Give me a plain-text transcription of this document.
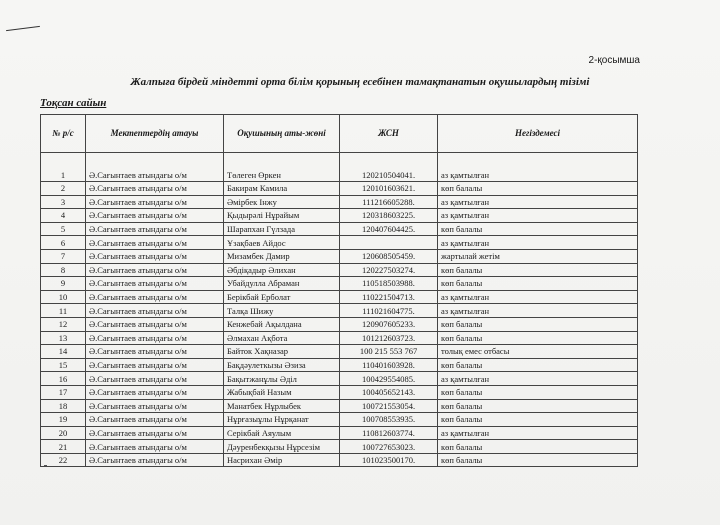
2-қосымша
Жалпыға бірдей міндетті орта білім қорының есебінен тамақтанатын оқушылардың тізімі
Тоқсан сайын
№ р/с	Мектептердің атауы	Оқушының аты-жөні	ЖСН	Негіздемесі
1	Ә.Сағынтаев атындағы о/м	Төлеген Өркен	120210504041.	аз қамтылған
2	Ә.Сағынтаев атындағы о/м	Бакирам Камила	120101603621.	көп балалы
3	Ә.Сағынтаев атындағы о/м	Әмірбек Інжу	111216605288.	аз қамтылған
4	Ә.Сағынтаев атындағы о/м	Қыдырәлі Нұрайым	120318603225.	аз қамтылған
5	Ә.Сағынтаев атындағы о/м	Шарапхан Гүлзада	120407604425.	көп балалы
6	Ә.Сағынтаев атындағы о/м	Ұзақбаев Айдос		аз қамтылған
7	Ә.Сағынтаев атындағы о/м	Мизамбек Дамир	120608505459.	жартылай жетім
8	Ә.Сағынтаев атындағы о/м	Әбдіқадыр Әлихан	120227503274.	көп балалы
9	Ә.Сағынтаев атындағы о/м	Убайдулла Абраман	110518503988.	көп балалы
10	Ә.Сағынтаев атындағы о/м	Берікбай Ерболат	110221504713.	аз қамтылған
11	Ә.Сағынтаев атындағы о/м	Талқа Шижу	111021604775.	аз қамтылған
12	Ә.Сағынтаев атындағы о/м	Кенжебай Ақылдана	120907605233.	көп балалы
13	Ә.Сағынтаев атындағы о/м	Әлмахан Ақбота	101212603723.	көп балалы
14	Ә.Сағынтаев атындағы о/м	Байток Хақназар	100 215 553 767	толық емес отбасы
15	Ә.Сағынтаев атындағы о/м	Бақдәулеткызы Әзиза	110401603928.	көп балалы
16	Ә.Сағынтаев атындағы о/м	Бақытжанұлы Әділ	100429554085.	аз қамтылған
17	Ә.Сағынтаев атындағы о/м	Жабықбай Назым	100405652143.	көп балалы
18	Ә.Сағынтаев атындағы о/м	Манатбек Нұрлыбек	100721553054.	көп балалы
19	Ә.Сағынтаев атындағы о/м	Нұрғазыұлы Нұрқанат	100708553935.	көп балалы
20	Ә.Сағынтаев атындағы о/м	Серікбай Аяулым	110812603774.	аз қамтылған
21	Ә.Сағынтаев атындағы о/м	Дәуренбекқызы Нұрсезім	100727653023.	көп балалы
22	Ә.Сағынтаев атындағы о/м	Насрихан Әмір	101023500170.	көп балалы
